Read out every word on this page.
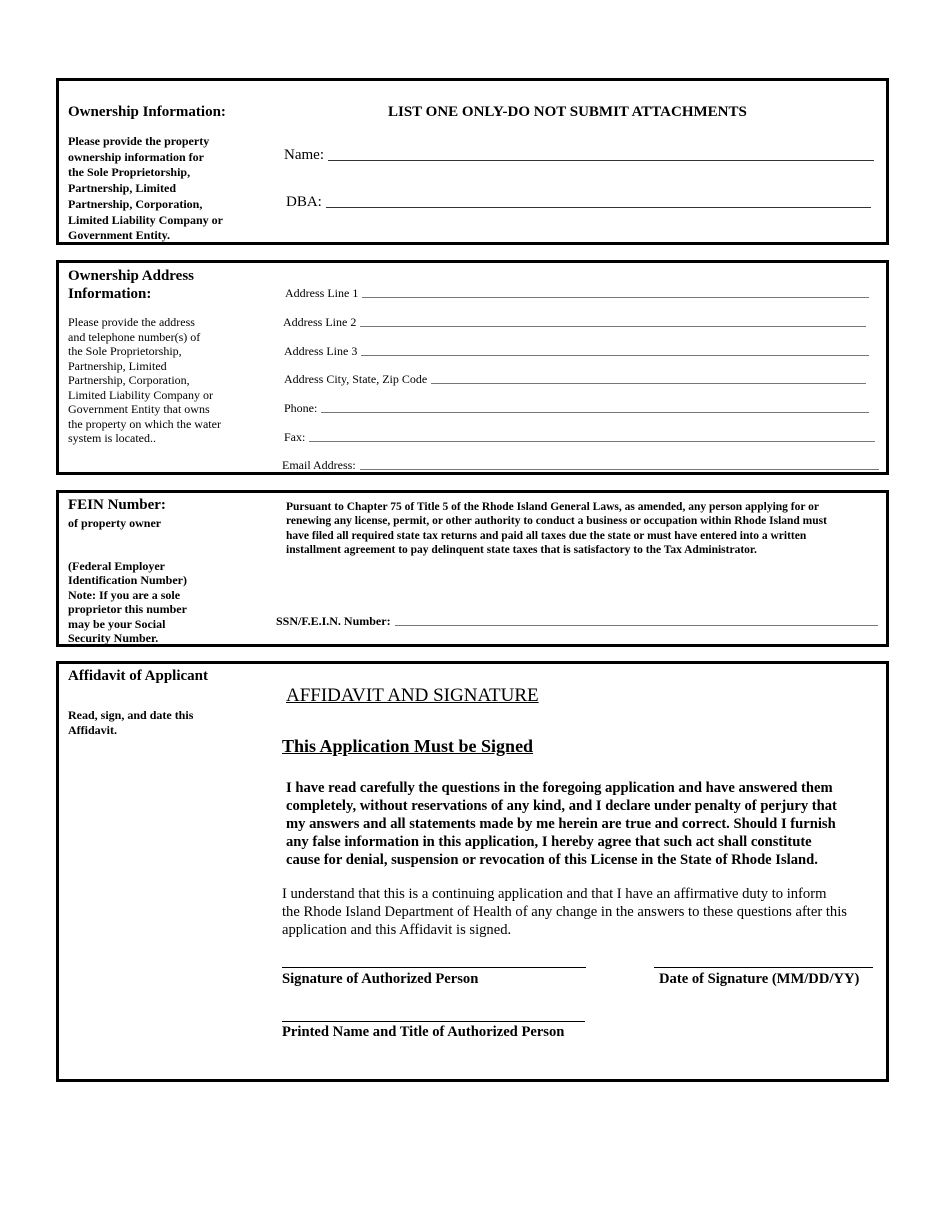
Ownership Information:
Please provide the property
ownership information for
the Sole Proprietorship,
Partnership, Limited
Partnership, Corporation,
Limited Liability Company or
Government Entity.
LIST ONE ONLY-DO NOT SUBMIT ATTACHMENTS
Name:
DBA:
Ownership Address
Information:
Please provide the address
and telephone number(s) of
the Sole Proprietorship,
Partnership, Limited
Partnership, Corporation,
Limited Liability Company or
Government Entity that owns
the property on which the water
system is located..
Address Line 1
Address Line 2
Address Line 3
Address City, State, Zip Code
Phone:
Fax:
Email Address:
FEIN Number:
of property owner
(Federal Employer
Identification Number)
Note: If you are a sole
proprietor this number
may be your Social
Security Number.
Pursuant to Chapter 75 of Title 5 of the Rhode Island General Laws, as amended, any person applying for or
renewing any license, permit, or other authority to conduct a business or occupation within Rhode Island must
have filed all required state tax returns and paid all taxes due the state or must have entered into a written
installment agreement to pay delinquent state taxes that is satisfactory to the Tax Administrator.
SSN/F.E.I.N. Number:
Affidavit of Applicant
Read, sign, and date this
Affidavit.
AFFIDAVIT AND SIGNATURE
This Application Must be Signed
I have read carefully the questions in the foregoing application and have answered them
completely, without reservations of any kind, and I declare under penalty of perjury that
my answers and all statements made by me herein are true and correct. Should I furnish
any false information in this application, I hereby agree that such act shall constitute
cause for denial, suspension or revocation of this License in the State of Rhode Island.
I understand that this is a continuing application and that I have an affirmative duty to inform
the Rhode Island Department of Health of any change in the answers to these questions after this
application and this Affidavit is signed.
Signature of Authorized Person	Date of Signature (MM/DD/YY)
Printed Name and Title of Authorized Person
